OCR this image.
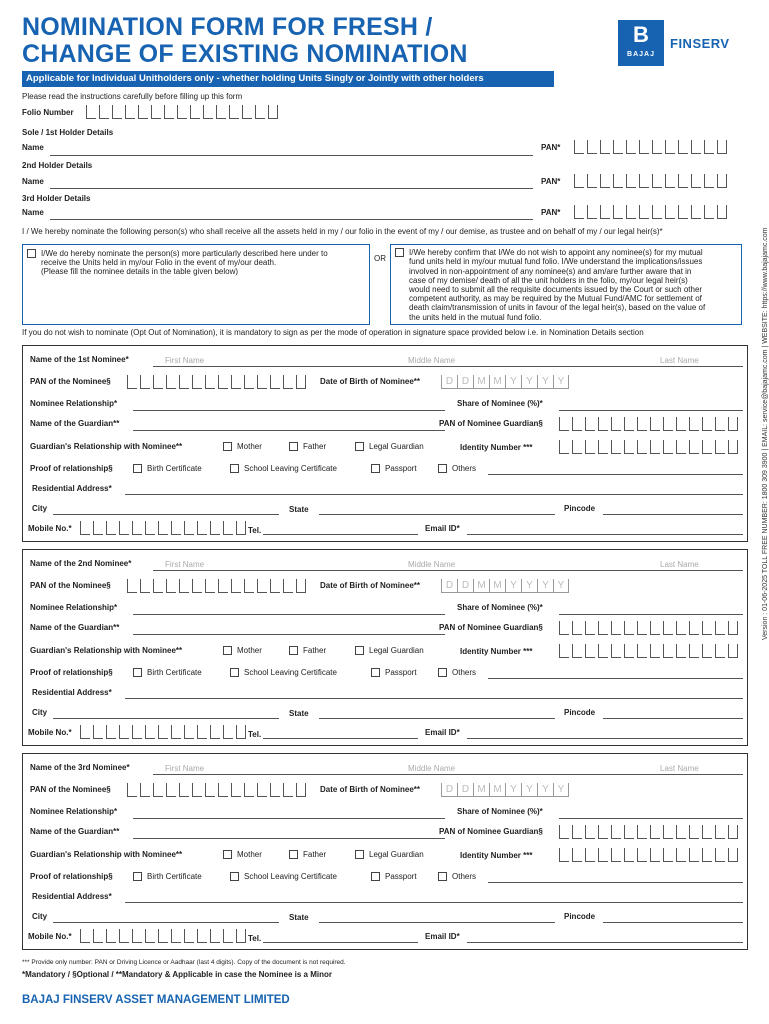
NOMINATION FORM FOR FRESH /
CHANGE OF EXISTING NOMINATION
B
BAJAJ
FINSERV
Applicable for Individual Unitholders only - whether holding Units Singly or Jointly with other holders
Please read the instructions carefully before filling up this form
Folio Number
Sole / 1st Holder Details
Name	PAN*
2nd Holder Details
Name	PAN*
3rd Holder Details
Name	PAN*
I / We hereby nominate the following person(s) who shall receive all the assets held in my / our folio in the event of my / our demise, as trustee and on behalf of my / our legal heir(s)*
I/We do hereby nominate the person(s) more particularly described here under to
receive the Units held in my/our Folio in the event of my/our death.
(Please fill the nominee details in the table given below)
OR
I/We hereby confirm that I/We do not wish to appoint any nominee(s) for my mutual
fund units held in my/our mutual fund folio. I/We understand the implications/issues
involved in non-appointment of any nominee(s) and am/are further aware that in
case of my demise/ death of all the unit holders in the folio, my/our legal heir(s)
would need to submit all the requisite documents issued by the Court or such other
competent authority, as may be required by the Mutual Fund/AMC for settlement of
death claim/transmission of units in favour of the legal heir(s), based on the value of
the units held in the mutual fund folio.
If you do not wish to nominate (Opt Out of Nomination), it is mandatory to sign as per the mode of operation in signature space provided below i.e. in Nomination Details section
Name of the 1st Nominee*	First Name	Middle Name	Last Name
PAN of the Nominee§	Date of Birth of Nominee**	D D M M Y Y Y Y
Nominee Relationship*	Share of Nominee (%)*
Name of the Guardian**	PAN of Nominee Guardian§
Guardian's Relationship with Nominee**	Mother	Father	Legal Guardian	Identity Number ***
Proof of relationship§	Birth Certificate	School Leaving Certificate	Passport	Others
Residential Address*
City	State	Pincode
Mobile No.*	Tel.	Email ID*
Name of the 2nd Nominee*	First Name	Middle Name	Last Name
PAN of the Nominee§	Date of Birth of Nominee**	D D M M Y Y Y Y
Nominee Relationship*	Share of Nominee (%)*
Name of the Guardian**	PAN of Nominee Guardian§
Guardian's Relationship with Nominee**	Mother	Father	Legal Guardian	Identity Number ***
Proof of relationship§	Birth Certificate	School Leaving Certificate	Passport	Others
Residential Address*
City	State	Pincode
Mobile No.*	Tel.	Email ID*
Name of the 3rd Nominee*	First Name	Middle Name	Last Name
PAN of the Nominee§	Date of Birth of Nominee**	D D M M Y Y Y Y
Nominee Relationship*	Share of Nominee (%)*
Name of the Guardian**	PAN of Nominee Guardian§
Guardian's Relationship with Nominee**	Mother	Father	Legal Guardian	Identity Number ***
Proof of relationship§	Birth Certificate	School Leaving Certificate	Passport	Others
Residential Address*
City	State	Pincode
Mobile No.*	Tel.	Email ID*
*** Provide only number: PAN or Driving Licence or Aadhaar (last 4 digits). Copy of the document is not required.
*Mandatory / §Optional / **Mandatory & Applicable in case the Nominee is a Minor
Version : 01-06-2025 TOLL FREE NUMBER: 1800 309 3900 | EMAIL: service@bajajamc.com | WEBSITE: https://www.bajajamc.com
BAJAJ FINSERV ASSET MANAGEMENT LIMITED
